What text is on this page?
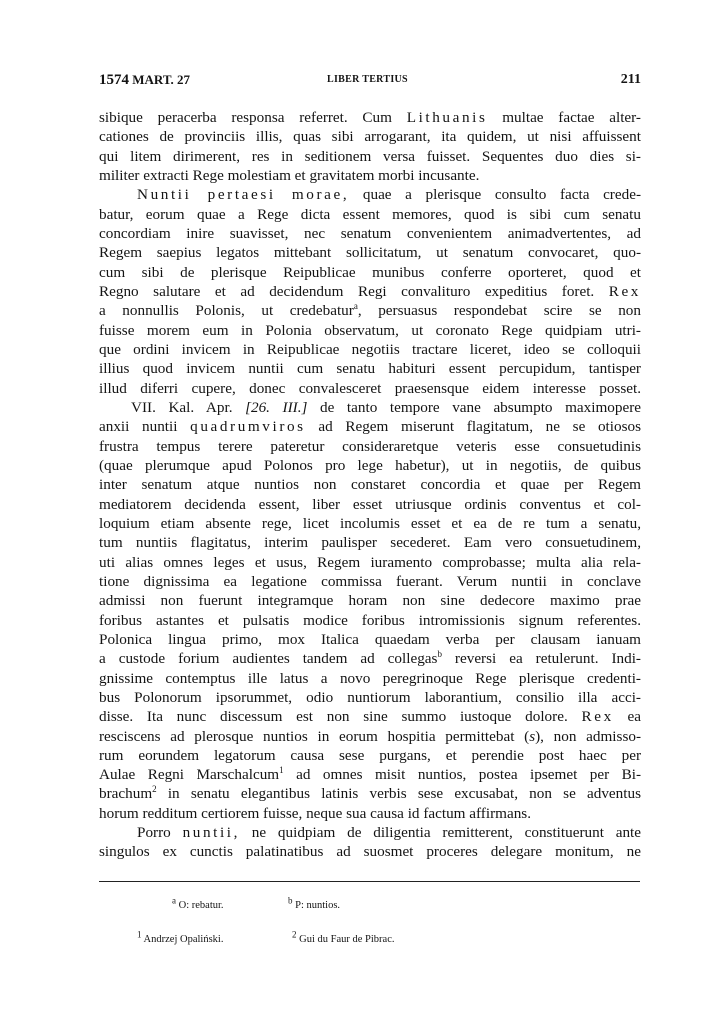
1574 MART. 27	LIBER TERTIUS	211
sibique peracerba responsa referret. Cum Lithuanis multae factae alter-
cationes de provinciis illis, quas sibi arrogarant, ita quidem, ut nisi affuissent
qui litem dirimerent, res in seditionem versa fuisset. Sequentes duo dies si-
militer extracti Rege molestiam et gravitatem morbi incusante.
Nuntii pertaesi morae, quae a plerisque consulto facta crede-
batur, eorum quae a Rege dicta essent memores, quod is sibi cum senatu
concordiam inire suavisset, nec senatum convenientem animadvertentes, ad
Regem saepius legatos mittebant sollicitatum, ut senatum convocaret, quo-
cum sibi de plerisque Reipublicae munibus conferre oporteret, quod et
Regno salutare et ad decidendum Regi convalituro expeditius foret. Rex
a nonnullis Polonis, ut credebatur$^a$, persuasus respondebat scire se non
fuisse morem eum in Polonia observatum, ut coronato Rege quidpiam utri-
que ordini invicem in Reipublicae negotiis tractare liceret, ideo se colloquii
illius quod invicem nuntii cum senatu habituri essent percupidum, tantisper
illud diferri cupere, donec convalesceret praesensque eidem interesse posset.
VII. Kal. Apr. [26. III.] de tanto tempore vane absumpto maximopere
anxii nuntii quadrumviros ad Regem miserunt flagitatum, ne se otiosos
frustra tempus terere pateretur consideraretque veteris esse consuetudinis
(quae plerumque apud Polonos pro lege habetur), ut in negotiis, de quibus
inter senatum atque nuntios non constaret concordia et quae per Regem
mediatorem decidenda essent, liber esset utriusque ordinis conventus et col-
loquium etiam absente rege, licet incolumis esset et ea de re tum a senatu,
tum nuntiis flagitatus, interim paulisper secederet. Eam vero consuetudinem,
uti alias omnes leges et usus, Regem iuramento comprobasse; multa alia rela-
tione dignissima ea legatione commissa fuerant. Verum nuntii in conclave
admissi non fuerunt integramque horam non sine dedecore maximo prae
foribus astantes et pulsatis modice foribus intromissionis signum referentes.
Polonica lingua primo, mox Italica quaedam verba per clausam ianuam
a custode forium audientes tandem ad collegas$^b$ reversi ea retulerunt. Indi-
gnissime contemptus ille latus a novo peregrinoque Rege plerisque credenti-
bus Polonorum ipsorummet, odio nuntiorum laborantium, consilio illa acci-
disse. Ita nunc discessum est non sine summo iustoque dolore. Rex ea
resciscens ad plerosque nuntios in eorum hospitia permittebat (s), non admisso-
rum eorundem legatorum causa sese purgans, et perendie post haec per
Aulae Regni Marschalcum$^1$ ad omnes misit nuntios, postea ipsemet per Bi-
brachum$^2$ in senatu elegantibus latinis verbis sese excusabat, non se adventus
horum redditum certiorem fuisse, neque sua causa id factum affirmans.
Porro nuntii, ne quidpiam de diligentia remitterent, constituerunt ante
singulos ex cunctis palatinatibus ad suosmet proceres delegare monitum, ne
$^a$ O: rebatur.	$^b$ P: nuntios.
$^1$ Andrzej Opaliński.	$^2$ Gui du Faur de Pibrac.
